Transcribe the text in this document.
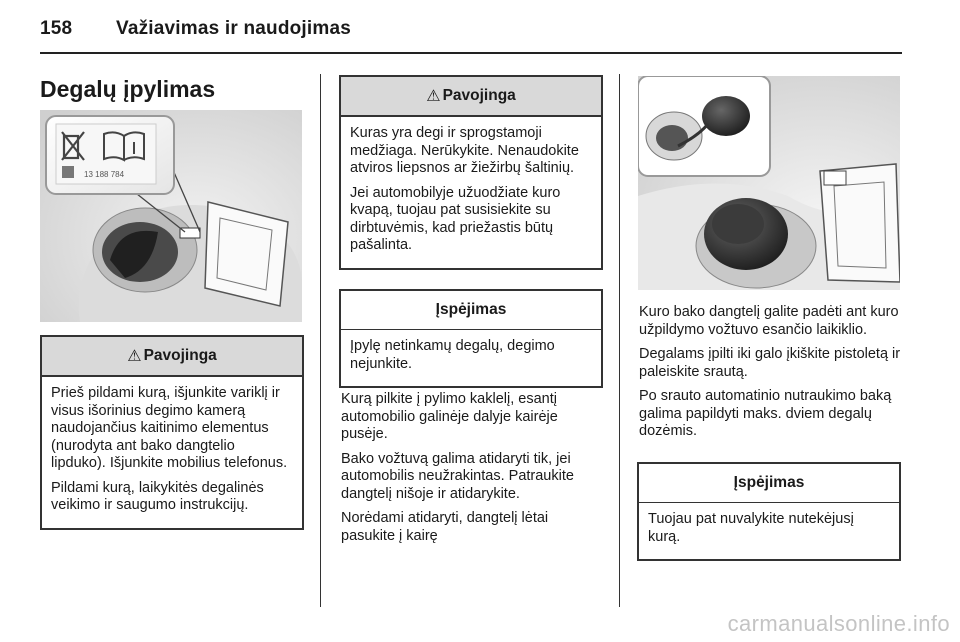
158 Važiavimas ir naudojimas
Degalų įpylimas
13 188 784
⚠ Pavojinga

Prieš pildami kurą, išjunkite variklį ir visus išorinius degimo kamerą naudojančius kaitinimo elementus (nurodyta ant bako dangtelio lipduko). Išjunkite mobilius telefonus.

Pildami kurą, laikykitės degalinės veikimo ir saugumo instrukcijų.

⚠ Pavojinga

Kuras yra degi ir sprogstamoji medžiaga. Nerūkykite. Nenaudokite atviros liepsnos ar žiežirbų šaltinių.

Jei automobilyje užuodžiate kuro kvapą, tuojau pat susisiekite su dirbtuvėmis, kad priežastis būtų pašalinta.

Įspėjimas

Įpylę netinkamų degalų, degimo nejunkite.

Kurą pilkite į pylimo kaklelį, esantį automobilio galinėje dalyje kairėje pusėje.

Bako vožtuvą galima atidaryti tik, jei automobilis neužrakintas. Patraukite dangtelį nišoje ir atidarykite.

Norėdami atidaryti, dangtelį lėtai pasukite į kairę

Kuro bako dangtelį galite padėti ant kuro užpildymo vožtuvo esančio laikiklio.

Degalams įpilti iki galo įkiškite pistoletą ir paleiskite srautą.

Po srauto automatinio nutraukimo baką galima papildyti maks. dviem degalų dozėmis.

Įspėjimas

Tuojau pat nuvalykite nutekėjusį kurą.

carmanualsonline.info
